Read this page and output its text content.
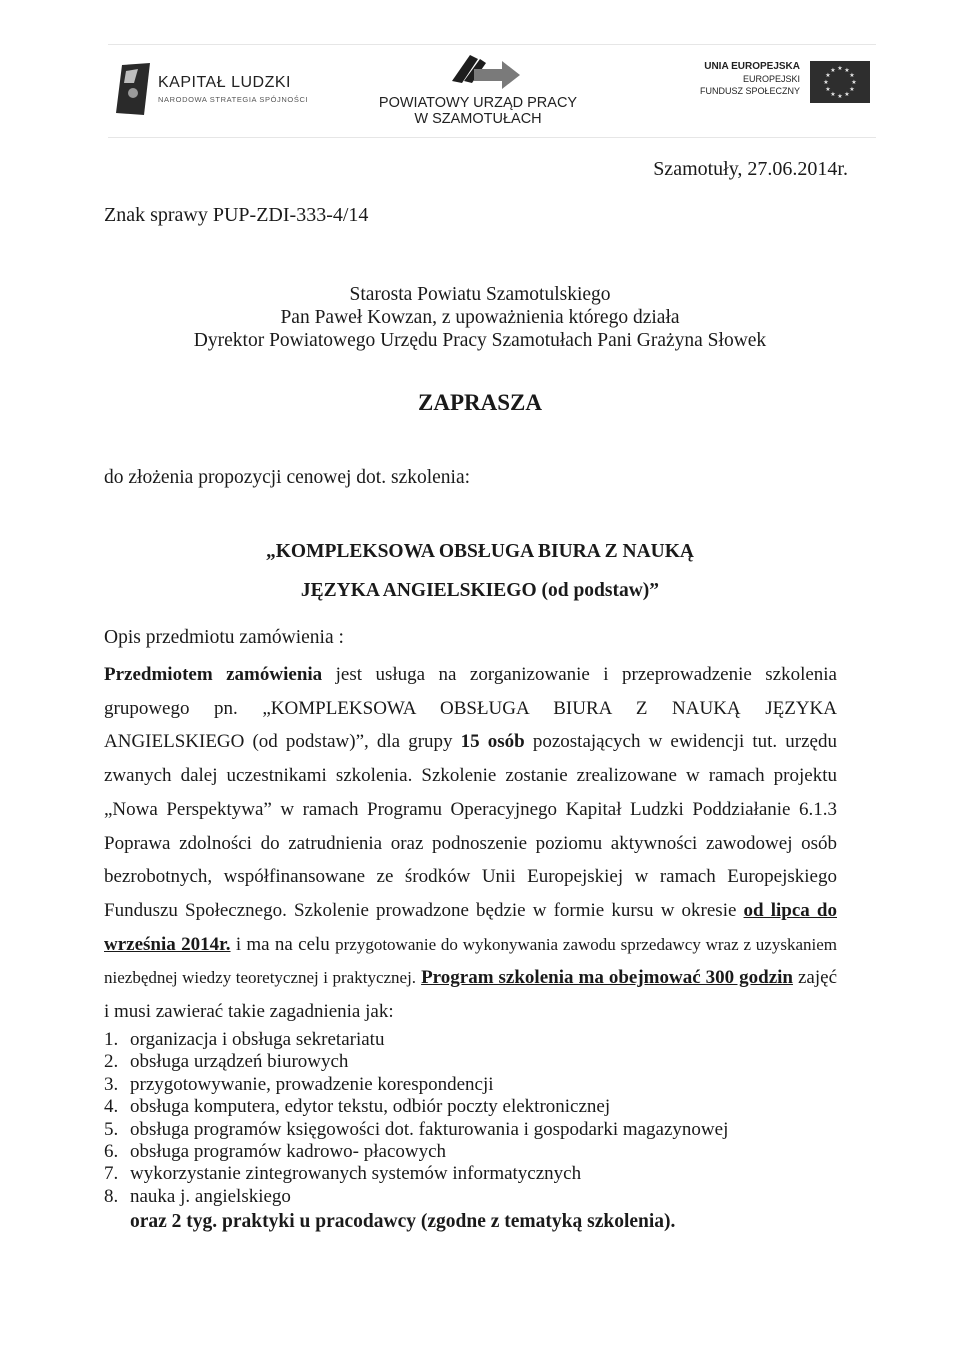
KAPITAŁ LUDZKI
NARODOWA STRATEGIA SPÓJNOŚCI	POWIATOWY URZĄD PRACY
W SZAMOTUŁACH
UNIA EUROPEJSKA
EUROPEJSKI
FUNDUSZ SPOŁECZNY
★ ★
★
★
★
★
★
★
★
★
★
★
Szamotuły, 27.06.2014r.
Znak sprawy PUP-ZDI-333-4/14
Starosta Powiatu Szamotulskiego
Pan Paweł Kowzan, z upoważnienia którego działa
Dyrektor Powiatowego Urzędu Pracy Szamotułach Pani Grażyna Słowek
ZAPRASZA
do złożenia propozycji cenowej dot. szkolenia:
„KOMPLEKSOWA OBSŁUGA BIURA Z NAUKĄ
JĘZYKA ANGIELSKIEGO (od podstaw)”
Opis przedmiotu zamówienia :
Przedmiotem zamówienia jest usługa na zorganizowanie i przeprowadzenie szkolenia grupowego pn. „KOMPLEKSOWA OBSŁUGA BIURA Z NAUKĄ JĘZYKA ANGIELSKIEGO (od podstaw)”, dla grupy 15 osób pozostających w ewidencji tut. urzędu zwanych dalej uczestnikami szkolenia. Szkolenie zostanie zrealizowane w ramach projektu „Nowa Perspektywa” w ramach Programu Operacyjnego Kapitał Ludzki Poddziałanie 6.1.3 Poprawa zdolności do zatrudnienia oraz podnoszenie poziomu aktywności zawodowej osób bezrobotnych, współfinansowane ze środków Unii Europejskiej w ramach Europejskiego Funduszu Społecznego. Szkolenie prowadzone będzie w formie kursu w okresie od lipca do września 2014r. i ma na celu przygotowanie do wykonywania zawodu sprzedawcy wraz z uzyskaniem niezbędnej wiedzy teoretycznej i praktycznej. Program szkolenia ma obejmować 300 godzin zajęć i musi zawierać takie zagadnienia jak:
1. organizacja i obsługa sekretariatu
2. obsługa urządzeń biurowych
3. przygotowywanie, prowadzenie korespondencji
4. obsługa komputera, edytor tekstu, odbiór poczty elektronicznej
5. obsługa programów księgowości dot. fakturowania i gospodarki magazynowej
6. obsługa programów kadrowo- płacowych
7. wykorzystanie zintegrowanych systemów informatycznych
8. nauka j. angielskiego
oraz 2 tyg. praktyki u pracodawcy (zgodne z tematyką szkolenia).
